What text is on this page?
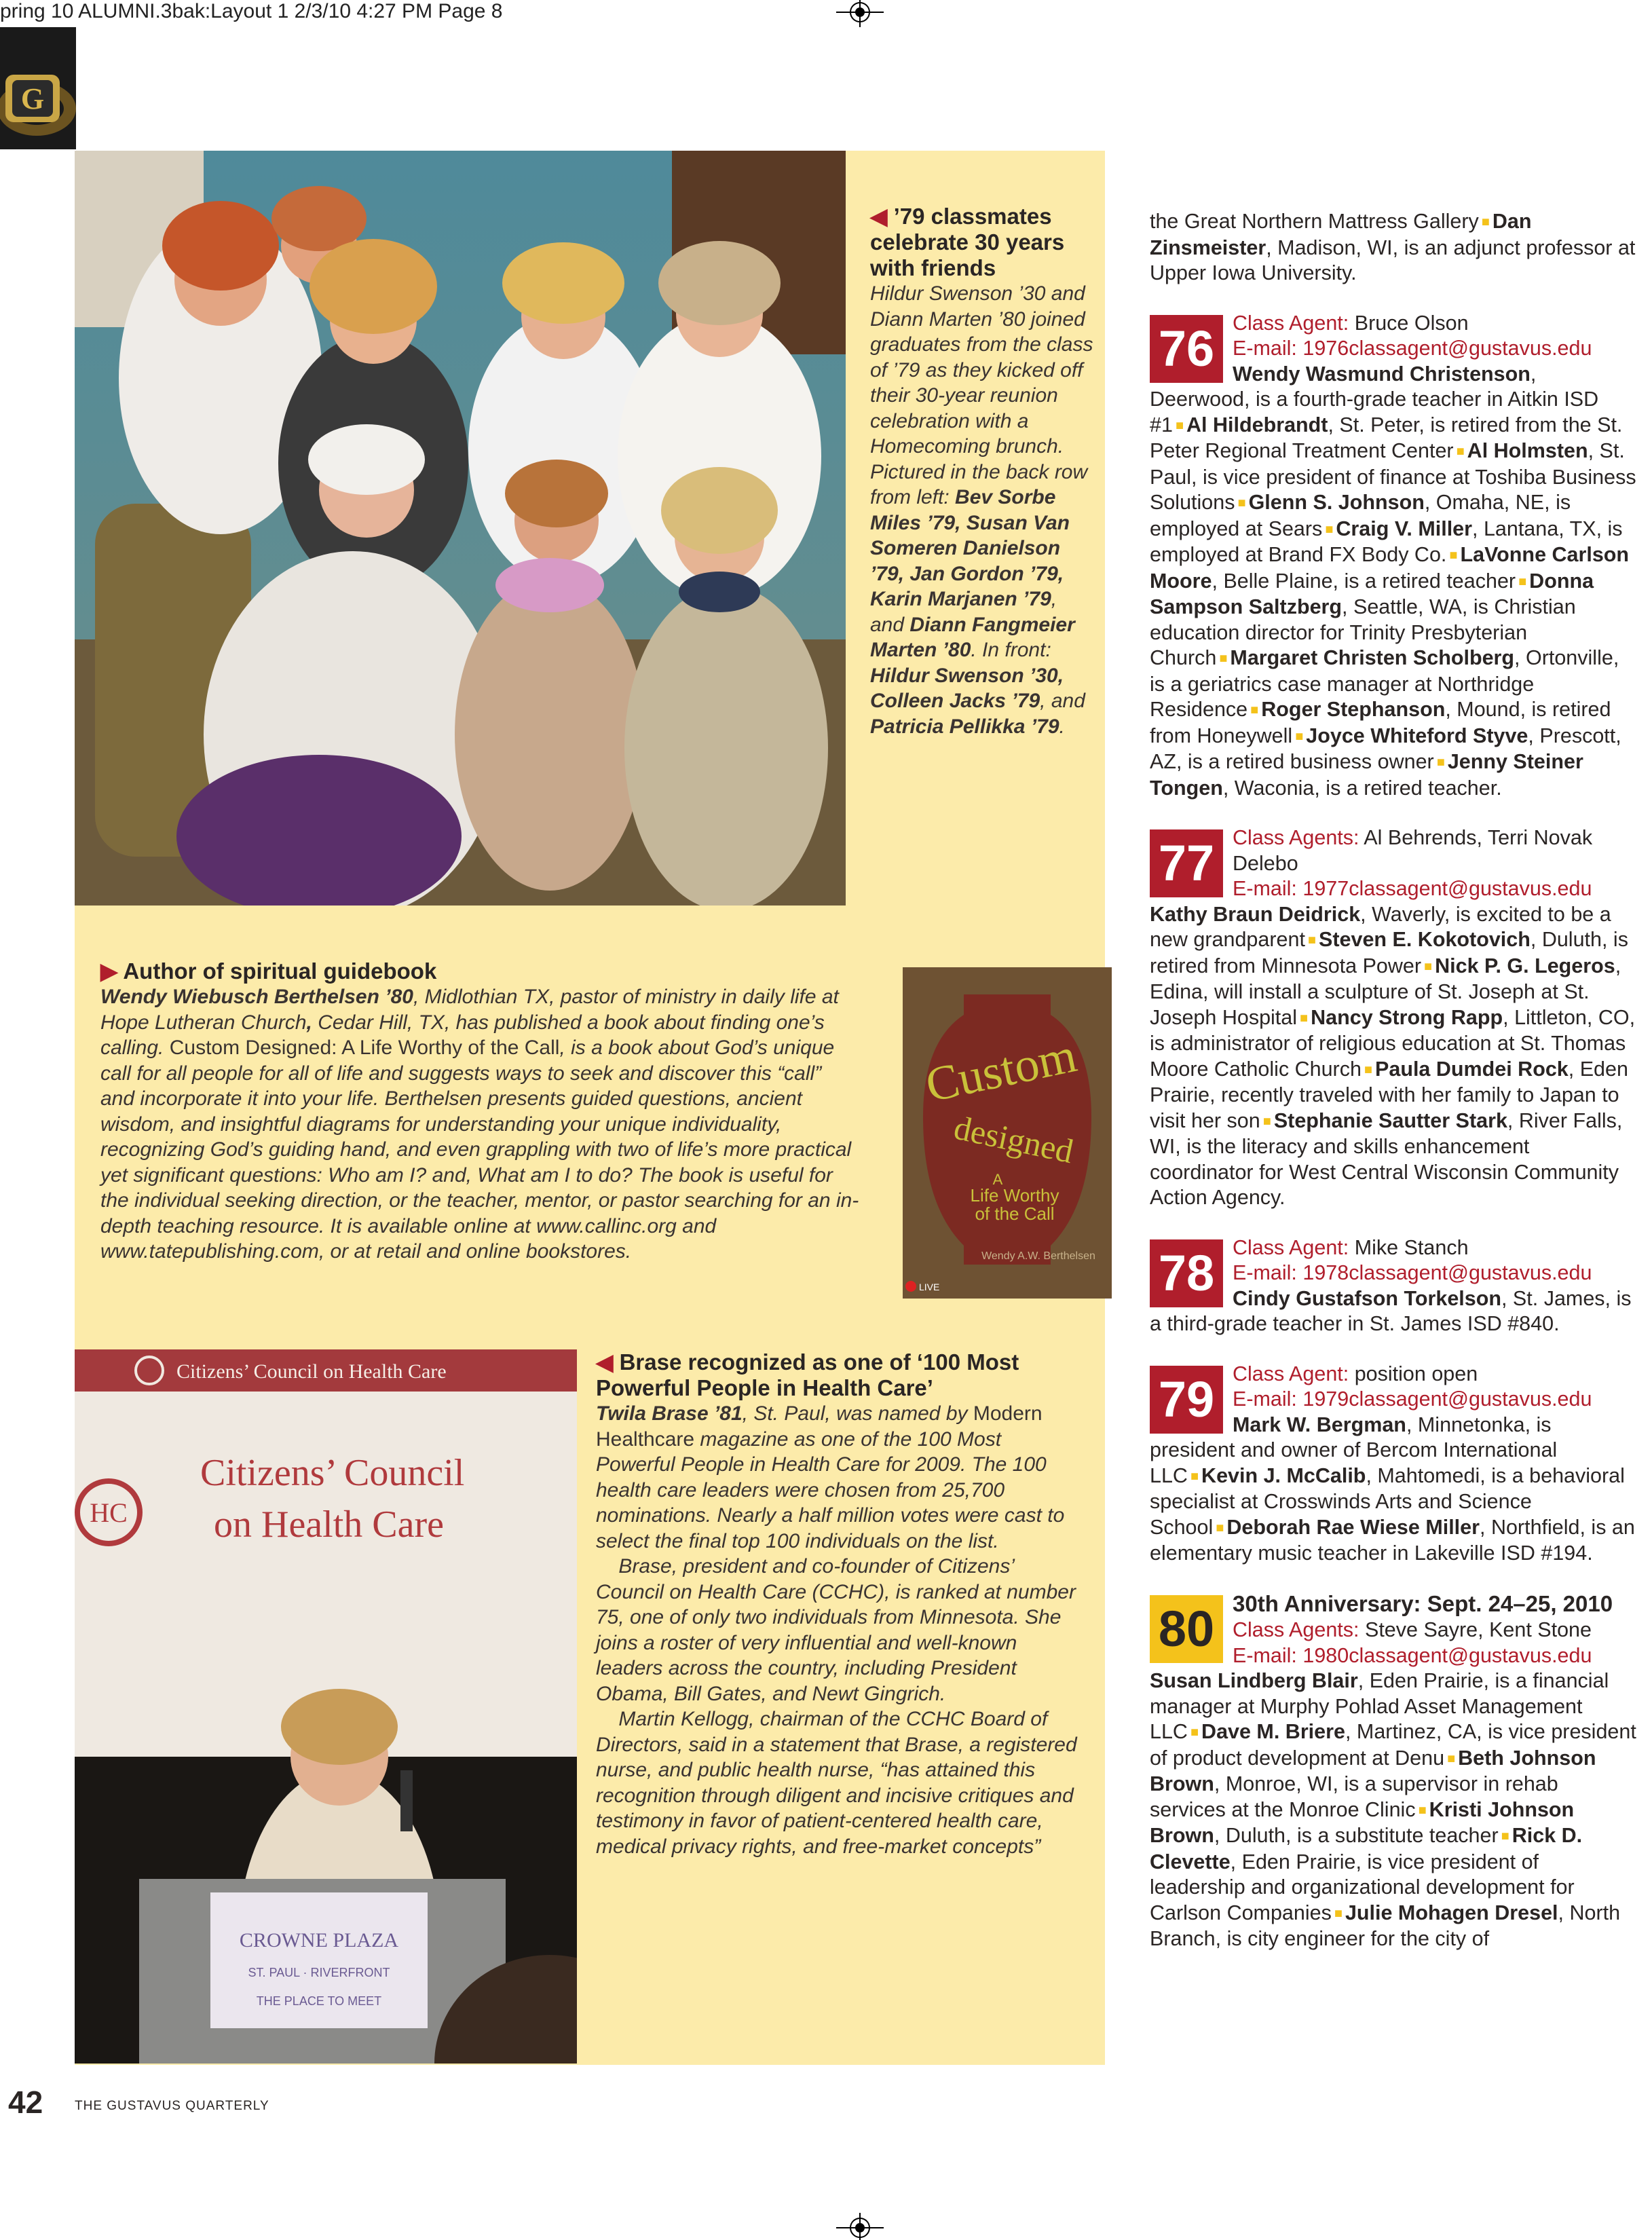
pring 10 ALUMNI.3bak:Layout 1 2/3/10 4:27 PM Page 8
G
◀ ’79 classmates celebrate 30 years with friends
Hildur Swenson ’30 and Diann Marten ’80 joined graduates from the class of ’79 as they kicked off their 30-year reunion celebration with a Homecoming brunch. Pictured in the back row from left: Bev Sorbe Miles ’79, Susan Van Someren Danielson ’79, Jan Gordon ’79, Karin Marjanen ’79, and Diann Fangmeier Marten ’80. In front: Hildur Swenson ’30, Colleen Jacks ’79, and Patricia Pellikka ’79.
▶ Author of spiritual guidebook
Wendy Wiebusch Berthelsen ’80, Midlothian TX, pastor of ministry in daily life at Hope Lutheran Church, Cedar Hill, TX, has published a book about finding one’s calling. Custom Designed: A Life Worthy of the Call, is a book about God’s unique call for all people for all of life and suggests ways to seek and discover this “call” and incorporate it into your life. Berthelsen presents guided questions, ancient wisdom, and insightful diagrams for understanding your unique individuality, recognizing God’s guiding hand, and even grappling with two of life’s more practical yet significant questions: Who am I? and, What am I to do? The book is useful for the individual seeking direction, or the teacher, mentor, or pastor searching for an in-depth teaching resource. It is available online at www.callinc.org and www.tatepublishing.com, or at retail and online bookstores.
Custom
designed
A
Life Worthy
of the Call
Wendy A.W. Berthelsen
LIVE
Citizens’ Council on Health Care
HC
Citizens’ Council
on Health Care
CROWNE PLAZA
ST. PAUL · RIVERFRONT
THE PLACE TO MEET
◀ Brase recognized as one of ‘100 Most Powerful People in Health Care’
Twila Brase ’81, St. Paul, was named by Modern Healthcare magazine as one of the 100 Most Powerful People in Health Care for 2009. The 100 health care leaders were chosen from 25,700 nominations. Nearly a half million votes were cast to select the final top 100 individuals on the list.
Brase, president and co-founder of Citizens’ Council on Health Care (CCHC), is ranked at number 75, one of only two individuals from Minnesota. She joins a roster of very influential and well-known leaders across the country, including President Obama, Bill Gates, and Newt Gingrich.
Martin Kellogg, chairman of the CCHC Board of Directors, said in a statement that Brase, a registered nurse, and public health nurse, “has attained this recognition through diligent and incisive critiques and testimony in favor of patient-centered health care, medical privacy rights, and free-market concepts”

the Great Northern Mattress Gallery ■ Dan Zinsmeister, Madison, WI, is an adjunct professor at Upper Iowa University.

76 Class Agent: Bruce Olson
E-mail: 1976classagent@gustavus.edu
Wendy Wasmund Christenson, Deerwood, is a fourth-grade teacher in Aitkin ISD #1 ■ Al Hildebrandt, St. Peter, is retired from the St. Peter Regional Treatment Center ■ Al Holmsten, St. Paul, is vice president of finance at Toshiba Business Solutions ■ Glenn S. Johnson, Omaha, NE, is employed at Sears ■ Craig V. Miller, Lantana, TX, is employed at Brand FX Body Co. ■ LaVonne Carlson Moore, Belle Plaine, is a retired teacher ■ Donna Sampson Saltzberg, Seattle, WA, is Christian education director for Trinity Presbyterian Church ■ Margaret Christen Scholberg, Ortonville, is a geriatrics case manager at Northridge Residence ■ Roger Stephanson, Mound, is retired from Honeywell ■ Joyce Whiteford Styve, Prescott, AZ, is a retired business owner ■ Jenny Steiner Tongen, Waconia, is a retired teacher.
77 Class Agents: Al Behrends, Terri Novak Delebo
E-mail: 1977classagent@gustavus.edu
Kathy Braun Deidrick, Waverly, is excited to be a new grandparent ■ Steven E. Kokotovich, Duluth, is retired from Minnesota Power ■ Nick P. G. Legeros, Edina, will install a sculpture of St. Joseph at St. Joseph Hospital ■ Nancy Strong Rapp, Littleton, CO, is administrator of religious education at St. Thomas Moore Catholic Church ■ Paula Dumdei Rock, Eden Prairie, recently traveled with her family to Japan to visit her son ■ Stephanie Sautter Stark, River Falls, WI, is the literacy and skills enhancement coordinator for West Central Wisconsin Community Action Agency.
78 Class Agent: Mike Stanch
E-mail: 1978classagent@gustavus.edu
Cindy Gustafson Torkelson, St. James, is a third-grade teacher in St. James ISD #840.
79 Class Agent: position open
E-mail: 1979classagent@gustavus.edu
Mark W. Bergman, Minnetonka, is president and owner of Bercom International LLC ■ Kevin J. McCalib, Mahtomedi, is a behavioral specialist at Crosswinds Arts and Science School ■ Deborah Rae Wiese Miller, Northfield, is an elementary music teacher in Lakeville ISD #194.
80 30th Anniversary: Sept. 24–25, 2010 Class Agents: Steve Sayre, Kent Stone
E-mail: 1980classagent@gustavus.edu
Susan Lindberg Blair, Eden Prairie, is a financial manager at Murphy Pohlad Asset Management LLC ■ Dave M. Briere, Martinez, CA, is vice president of product development at Denu ■ Beth Johnson Brown, Monroe, WI, is a supervisor in rehab services at the Monroe Clinic ■ Kristi Johnson Brown, Duluth, is a substitute teacher ■ Rick D. Clevette, Eden Prairie, is vice president of leadership and organizational development for Carlson Companies ■ Julie Mohagen Dresel, North Branch, is city engineer for the city of
42 THE GUSTAVUS QUARTERLY
